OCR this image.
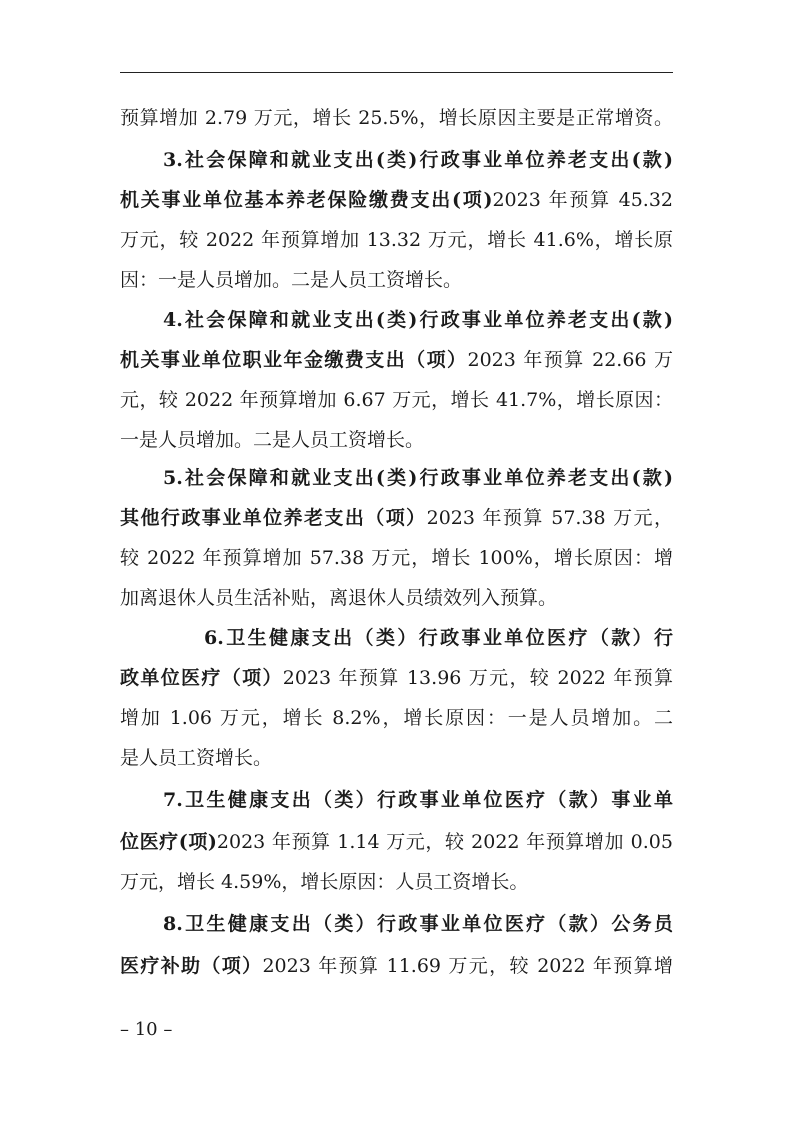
预算增加 2.79 万元，增长 25.5%，增长原因主要是正常增资。
3.社会保障和就业支出(类)行政事业单位养老支出(款)
机关事业单位基本养老保险缴费支出(项)2023 年预算 45.32
万元，较 2022 年预算增加 13.32 万元，增长 41.6%，增长原
因：一是人员增加。二是人员工资增长。
4.社会保障和就业支出(类)行政事业单位养老支出(款)
机关事业单位职业年金缴费支出（项）2023 年预算 22.66 万
元，较 2022 年预算增加 6.67 万元，增长 41.7%，增长原因：
一是人员增加。二是人员工资增长。
5.社会保障和就业支出(类)行政事业单位养老支出(款)
其他行政事业单位养老支出（项）2023 年预算 57.38 万元，
较 2022 年预算增加 57.38 万元，增长 100%，增长原因：增
加离退休人员生活补贴，离退休人员绩效列入预算。
6.卫生健康支出（类）行政事业单位医疗（款）行
政单位医疗（项）2023 年预算 13.96 万元，较 2022 年预算
增加 1.06 万元，增长 8.2%，增长原因：一是人员增加。二
是人员工资增长。
7.卫生健康支出（类）行政事业单位医疗（款）事业单
位医疗(项)2023 年预算 1.14 万元，较 2022 年预算增加 0.05
万元，增长 4.59%，增长原因：人员工资增长。
8.卫生健康支出（类）行政事业单位医疗（款）公务员
医疗补助（项）2023 年预算 11.69 万元，较 2022 年预算增
– 10 –
